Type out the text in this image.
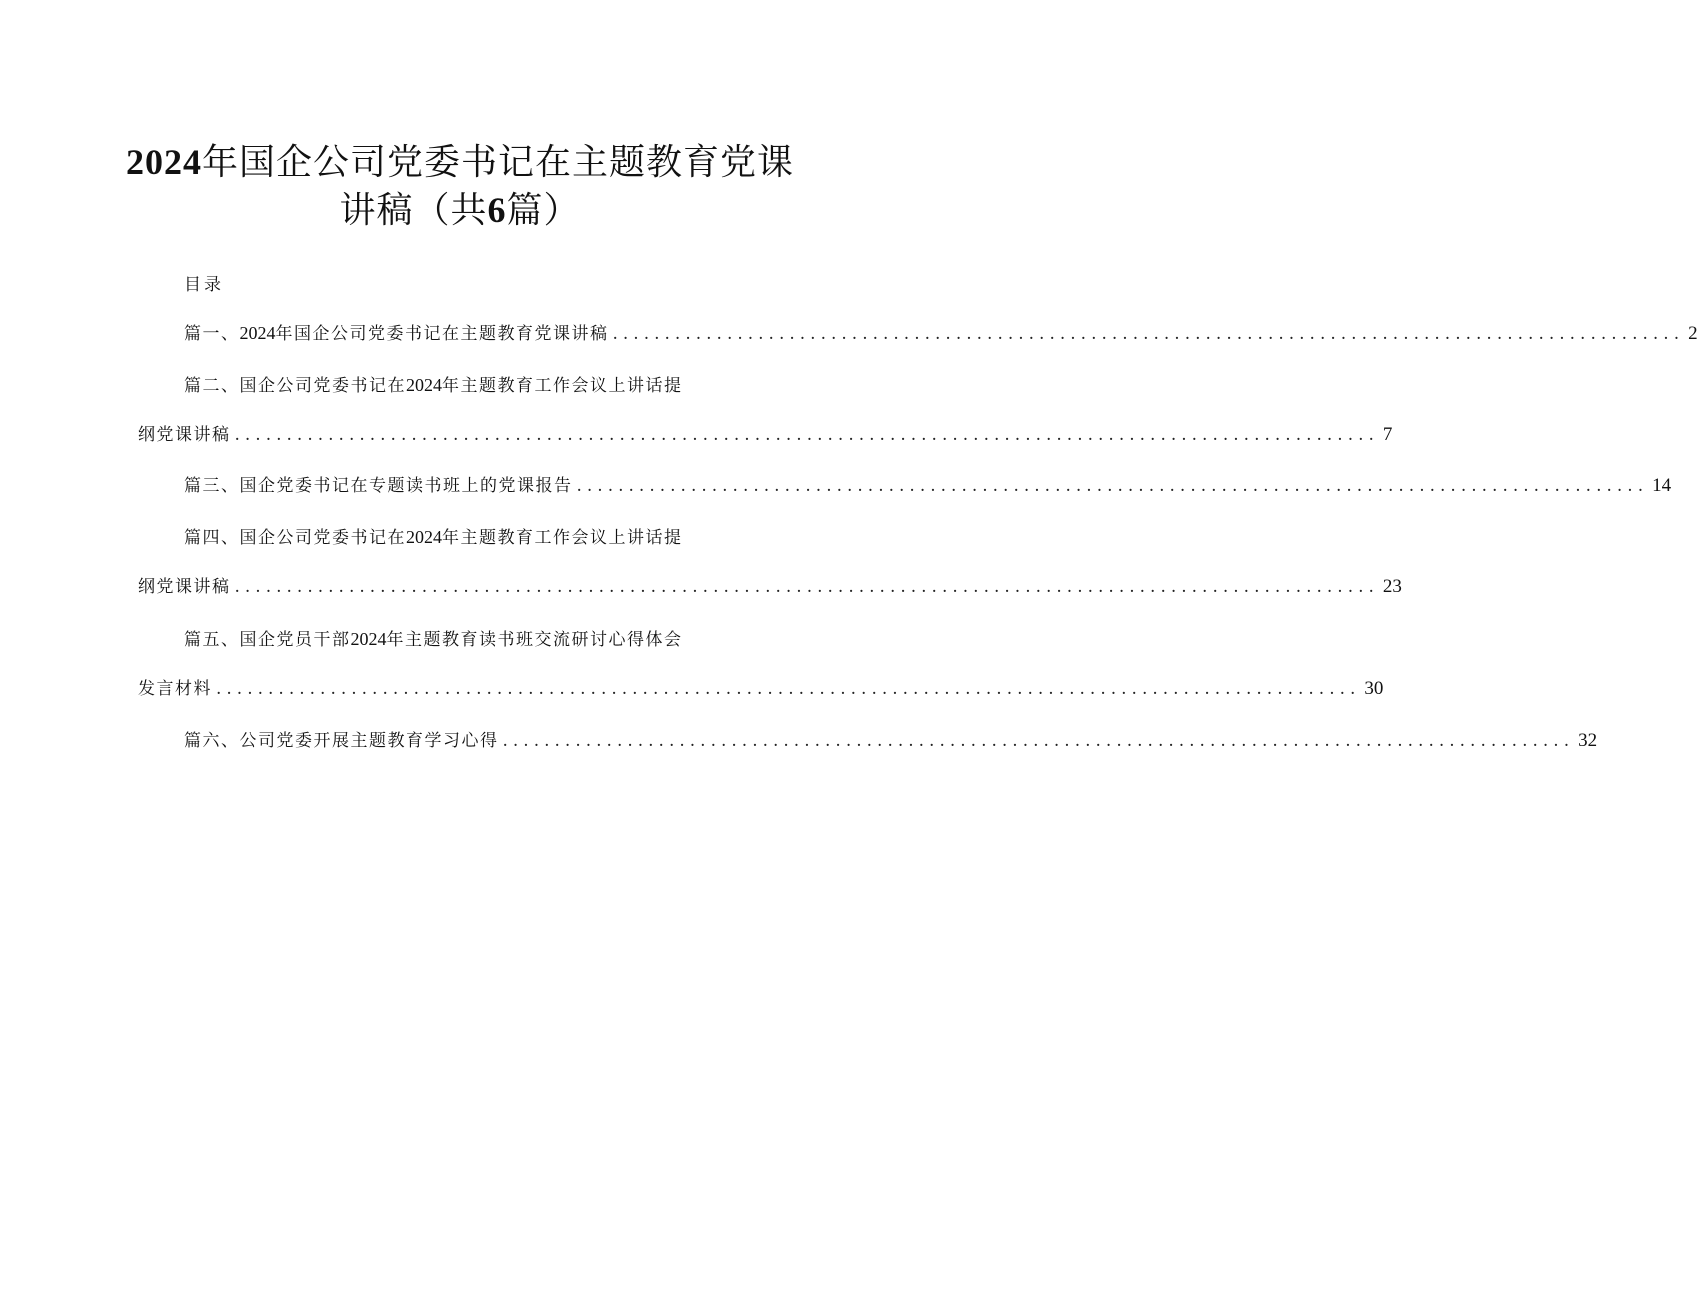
2024年国企公司党委书记在主题教育党课
讲稿（共6篇）
目录
篇一、2024年国企公司党委书记在主题教育党课讲稿 ....................................................................................................... 2
篇二、国企公司党委书记在2024年主题教育工作会议上讲话提
纲党课讲稿 .............................................................................................................. 7
篇三、国企党委书记在专题读书班上的党课报告 ....................................................................................................... 14
篇四、国企公司党委书记在2024年主题教育工作会议上讲话提
纲党课讲稿 .............................................................................................................. 23
篇五、国企党员干部2024年主题教育读书班交流研讨心得体会
发言材料 .............................................................................................................. 30
篇六、公司党委开展主题教育学习心得 ....................................................................................................... 32
